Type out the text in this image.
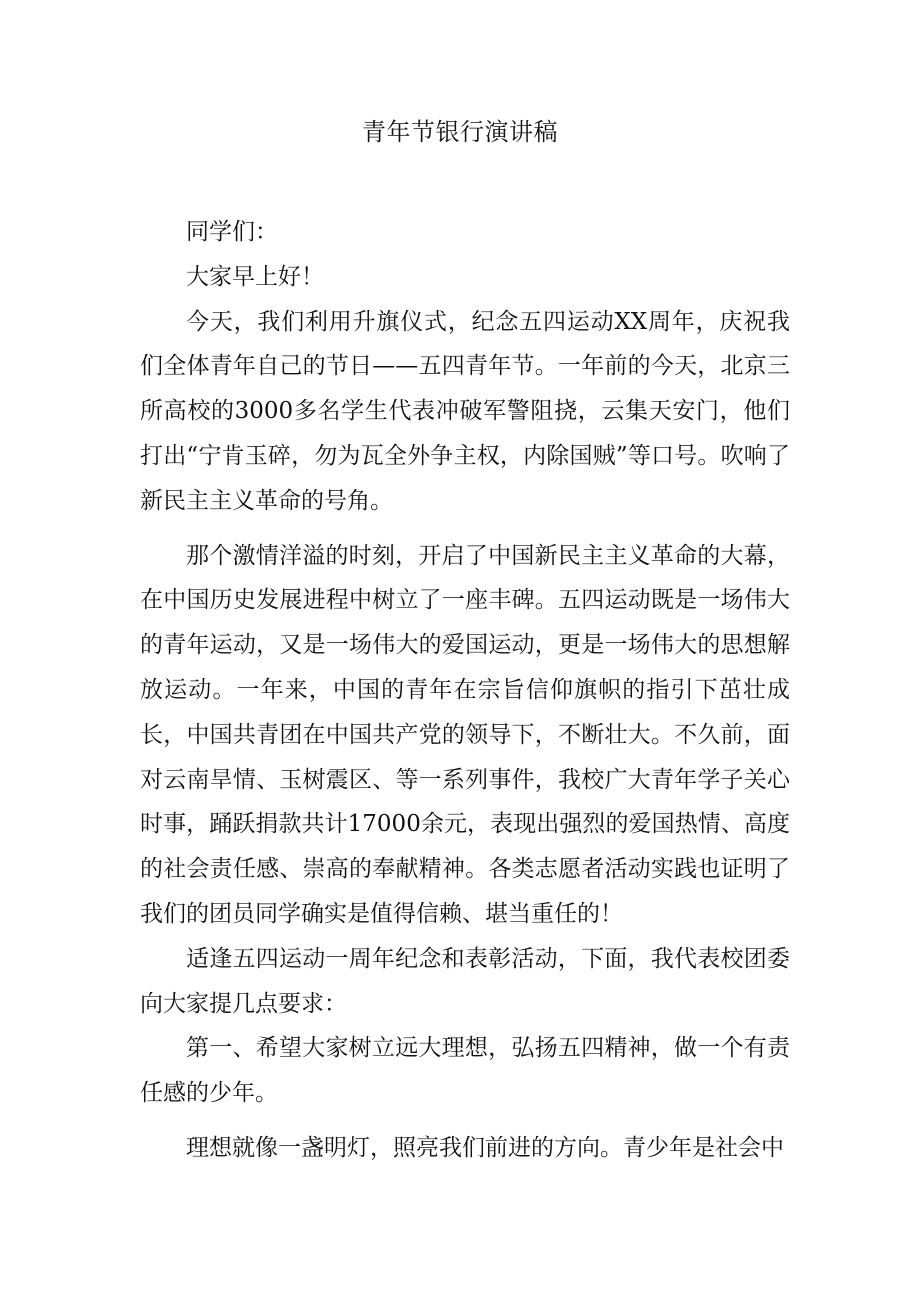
青年节银行演讲稿

同学们：

大家早上好！

今天，我们利用升旗仪式，纪念五四运动XX周年，庆祝我们全体青年自己的节日——五四青年节。一年前的今天，北京三所高校的3000多名学生代表冲破军警阻挠，云集天安门，他们打出“宁肯玉碎，勿为瓦全外争主权，内除国贼”等口号。吹响了新民主主义革命的号角。

那个激情洋溢的时刻，开启了中国新民主主义革命的大幕，在中国历史发展进程中树立了一座丰碑。五四运动既是一场伟大的青年运动，又是一场伟大的爱国运动，更是一场伟大的思想解放运动。一年来，中国的青年在宗旨信仰旗帜的指引下茁壮成长，中国共青团在中国共产党的领导下，不断壮大。不久前，面对云南旱情、玉树震区、等一系列事件，我校广大青年学子关心时事，踊跃捐款共计17000余元，表现出强烈的爱国热情、高度的社会责任感、崇高的奉献精神。各类志愿者活动实践也证明了我们的团员同学确实是值得信赖、堪当重任的！

适逢五四运动一周年纪念和表彰活动，下面，我代表校团委向大家提几点要求：

第一、希望大家树立远大理想，弘扬五四精神，做一个有责任感的少年。

理想就像一盏明灯，照亮我们前进的方向。青少年是社会中
